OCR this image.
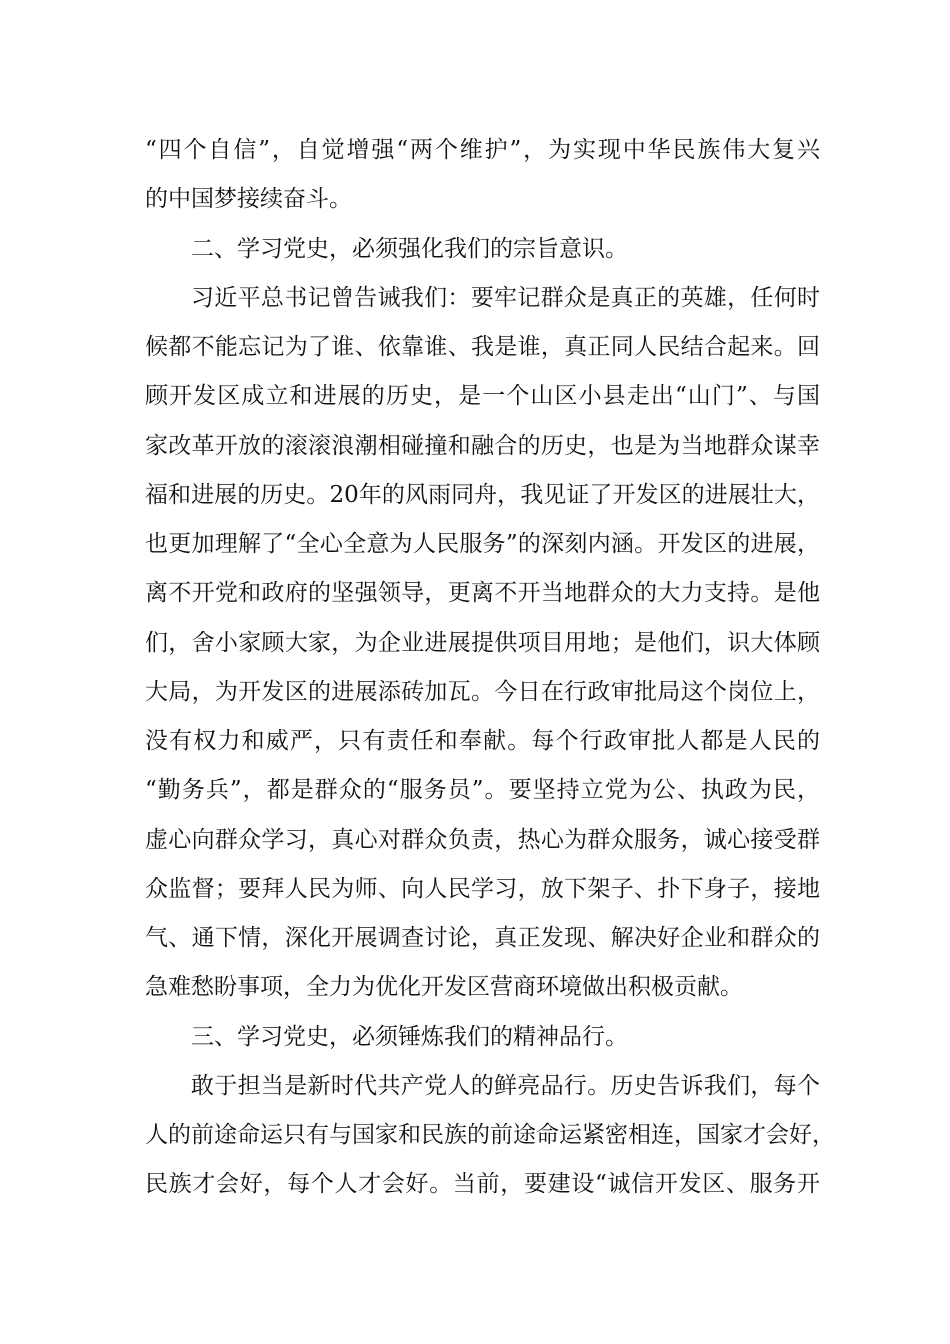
“四个自信”，自觉增强“两个维护”，为实现中华民族伟大复兴
的中国梦接续奋斗。
二、学习党史，必须强化我们的宗旨意识。
习近平总书记曾告诫我们：要牢记群众是真正的英雄，任何时
候都不能忘记为了谁、依靠谁、我是谁，真正同人民结合起来。回
顾开发区成立和进展的历史，是一个山区小县走出“山门”、与国
家改革开放的滚滚浪潮相碰撞和融合的历史，也是为当地群众谋幸
福和进展的历史。20年的风雨同舟，我见证了开发区的进展壮大，
也更加理解了“全心全意为人民服务”的深刻内涵。开发区的进展，
离不开党和政府的坚强领导，更离不开当地群众的大力支持。是他
们，舍小家顾大家，为企业进展提供项目用地；是他们，识大体顾
大局，为开发区的进展添砖加瓦。今日在行政审批局这个岗位上，
没有权力和威严，只有责任和奉献。每个行政审批人都是人民的
“勤务兵”，都是群众的“服务员”。要坚持立党为公、执政为民，
虚心向群众学习，真心对群众负责，热心为群众服务，诚心接受群
众监督；要拜人民为师、向人民学习，放下架子、扑下身子，接地
气、通下情，深化开展调查讨论，真正发现、解决好企业和群众的
急难愁盼事项，全力为优化开发区营商环境做出积极贡献。
三、学习党史，必须锤炼我们的精神品行。
敢于担当是新时代共产党人的鲜亮品行。历史告诉我们，每个
人的前途命运只有与国家和民族的前途命运紧密相连，国家才会好，
民族才会好，每个人才会好。当前，要建设“诚信开发区、服务开
